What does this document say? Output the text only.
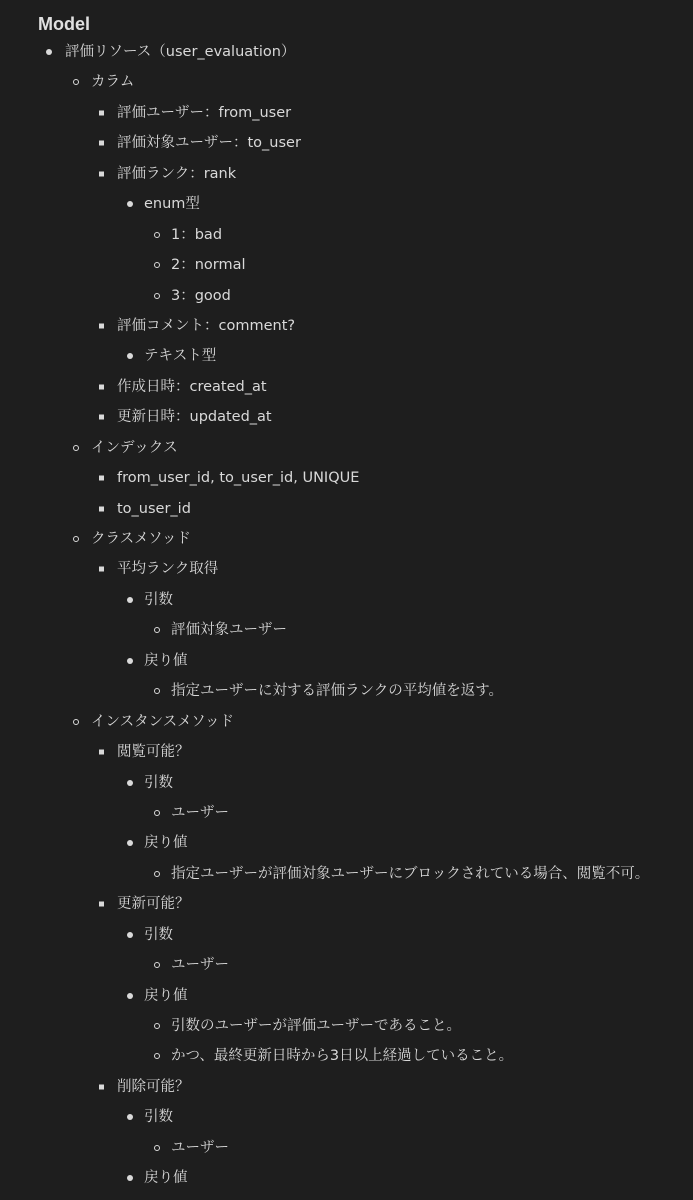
Model
評価リソース（user_evaluation）
カラム
評価ユーザー：from_user
評価対象ユーザー：to_user
評価ランク：rank
enum型
1：bad
2：normal
3：good
評価コメント：comment?
テキスト型
作成日時：created_at
更新日時：updated_at
インデックス
from_user_id, to_user_id, UNIQUE
to_user_id
クラスメソッド
平均ランク取得
引数
評価対象ユーザー
戻り値
指定ユーザーに対する評価ランクの平均値を返す。
インスタンスメソッド
閲覧可能？
引数
ユーザー
戻り値
指定ユーザーが評価対象ユーザーにブロックされている場合、閲覧不可。
更新可能？
引数
ユーザー
戻り値
引数のユーザーが評価ユーザーであること。
かつ、最終更新日時から3日以上経過していること。
削除可能？
引数
ユーザー
戻り値
